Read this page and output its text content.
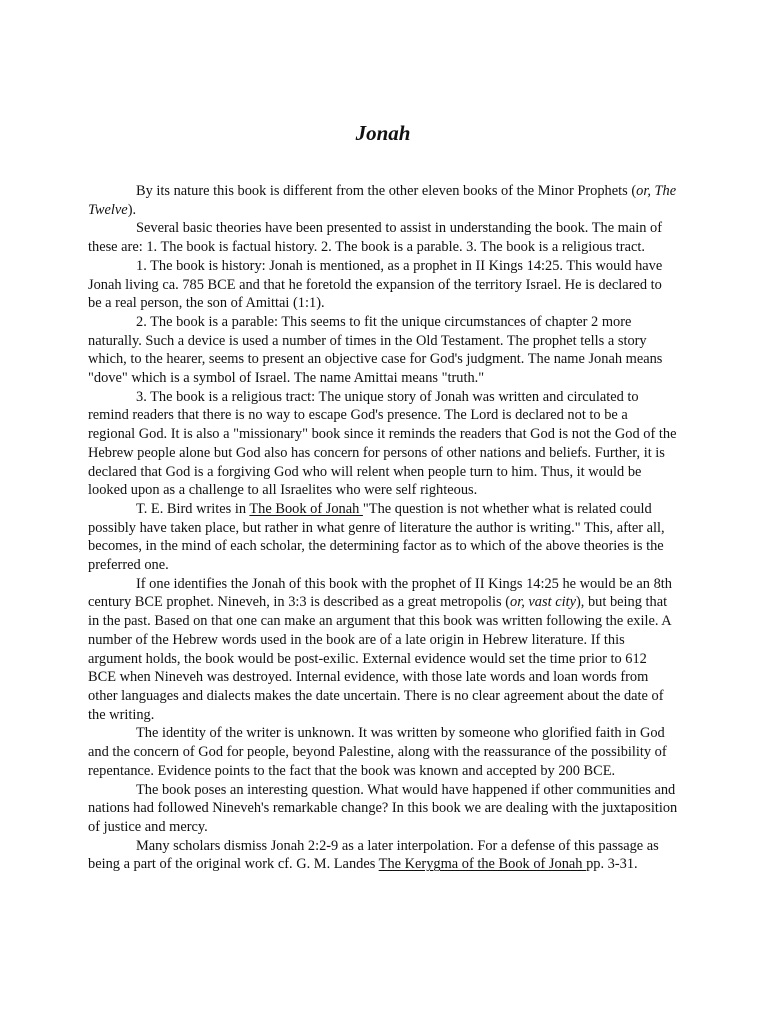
Jonah

By its nature this book is different from the other eleven books of the Minor Prophets (or, The Twelve).

Several basic theories have been presented to assist in understanding the book. The main of these are: 1. The book is factual history. 2. The book is a parable. 3. The book is a religious tract.

1. The book is history: Jonah is mentioned, as a prophet in II Kings 14:25. This would have Jonah living ca. 785 BCE and that he foretold the expansion of the territory Israel. He is declared to be a real person, the son of Amittai (1:1).

2. The book is a parable: This seems to fit the unique circumstances of chapter 2 more naturally. Such a device is used a number of times in the Old Testament. The prophet tells a story which, to the hearer, seems to present an objective case for God's judgment. The name Jonah means "dove" which is a symbol of Israel. The name Amittai means "truth."

3. The book is a religious tract: The unique story of Jonah was written and circulated to remind readers that there is no way to escape God's presence. The Lord is declared not to be a regional God. It is also a "missionary" book since it reminds the readers that God is not the God of the Hebrew people alone but God also has concern for persons of other nations and beliefs. Further, it is declared that God is a forgiving God who will relent when people turn to him. Thus, it would be looked upon as a challenge to all Israelites who were self righteous.

T. E. Bird writes in The Book of Jonah "The question is not whether what is related could possibly have taken place, but rather in what genre of literature the author is writing." This, after all, becomes, in the mind of each scholar, the determining factor as to which of the above theories is the preferred one.

If one identifies the Jonah of this book with the prophet of II Kings 14:25 he would be an 8th century BCE prophet. Nineveh, in 3:3 is described as a great metropolis (or, vast city), but being that in the past. Based on that one can make an argument that this book was written following the exile. A number of the Hebrew words used in the book are of a late origin in Hebrew literature. If this argument holds, the book would be post-exilic. External evidence would set the time prior to 612 BCE when Nineveh was destroyed. Internal evidence, with those late words and loan words from other languages and dialects makes the date uncertain. There is no clear agreement about the date of the writing.

The identity of the writer is unknown. It was written by someone who glorified faith in God and the concern of God for people, beyond Palestine, along with the reassurance of the possibility of repentance. Evidence points to the fact that the book was known and accepted by 200 BCE.

The book poses an interesting question. What would have happened if other communities and nations had followed Nineveh's remarkable change? In this book we are dealing with the juxtaposition of justice and mercy.

Many scholars dismiss Jonah 2:2-9 as a later interpolation. For a defense of this passage as being a part of the original work cf. G. M. Landes The Kerygma of the Book of Jonah pp. 3-31.
